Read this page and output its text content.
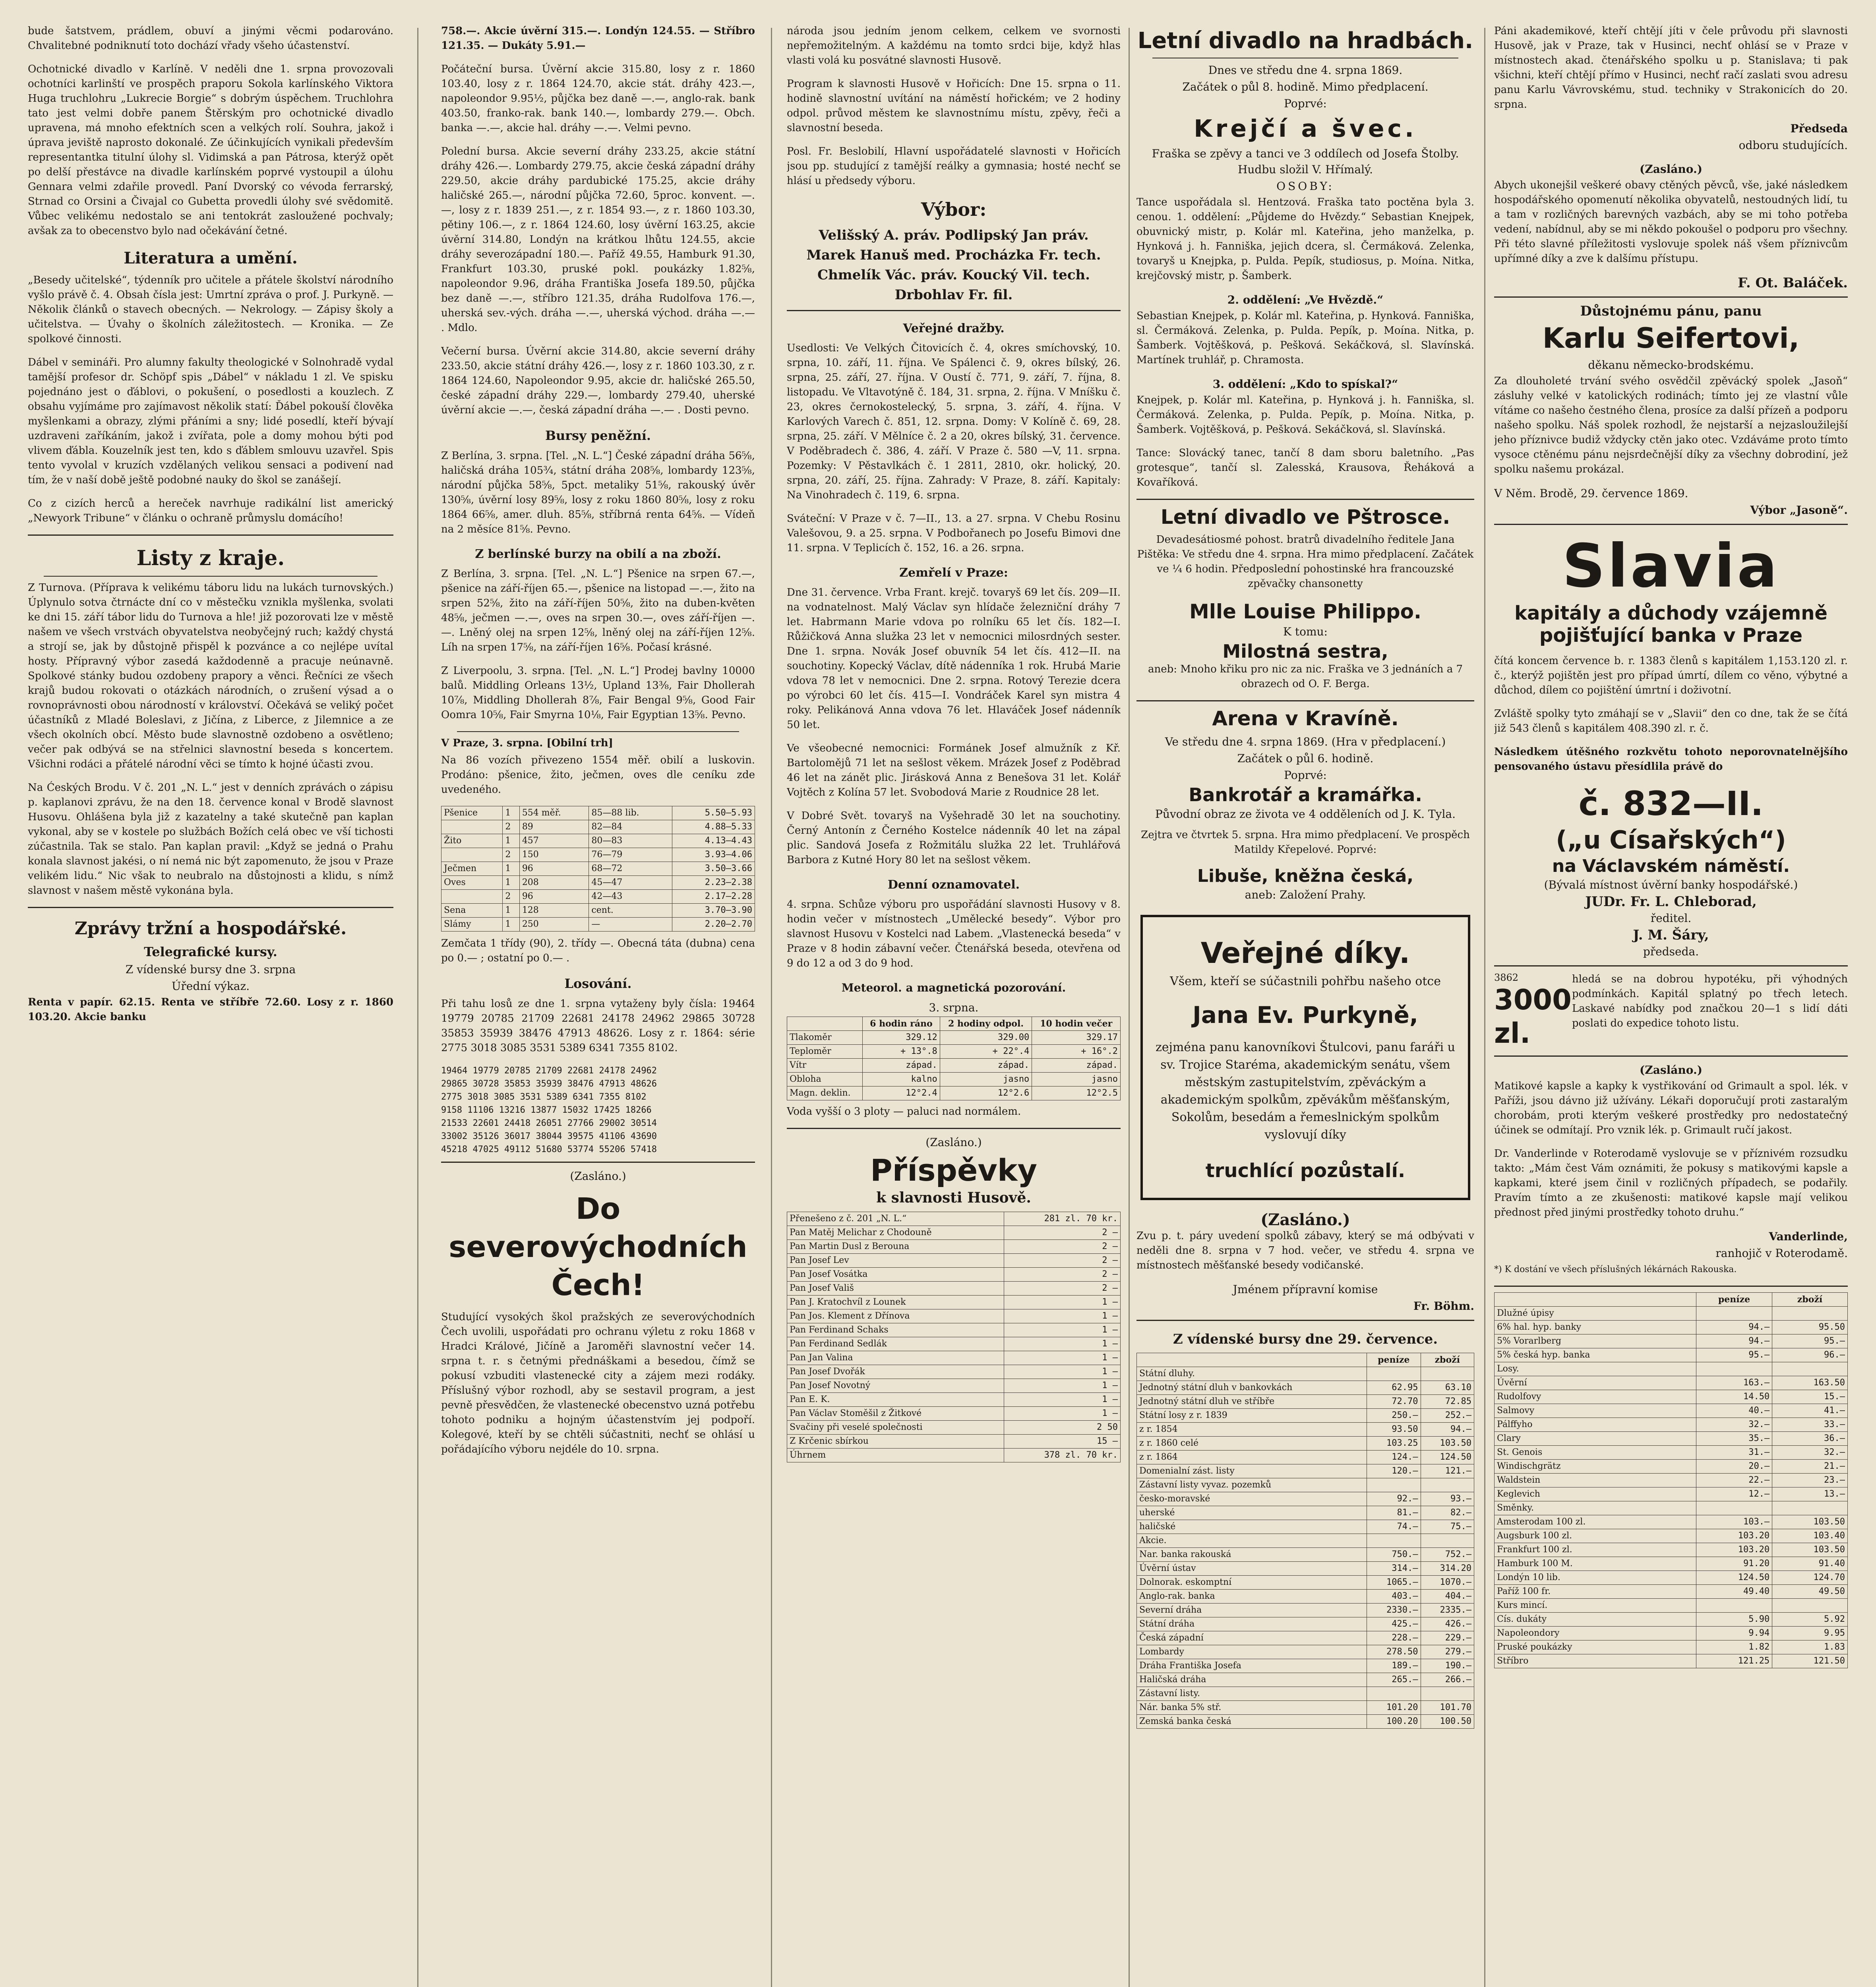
bude šatstvem, prádlem, obuví a jinými věcmi podarováno. Chvalitebné podniknutí toto dochází vřady všeho účastenství.

Ochotnické divadlo v Karlíně. V neděli dne 1. srpna provozovali ochotníci karlinští ve prospěch praporu Sokola karlínského Viktora Huga truchlohru „Lukrecie Borgie“ s dobrým úspěchem. Truchlohra tato jest velmi dobře panem Štěrským pro ochotnické divadlo upravena, má mnoho efektních scen a velkých rolí. Souhra, jakož i úprava jeviště naprosto dokonalé. Ze účinkujících vynikali především representantka titulní úlohy sl. Vidimská a pan Pátrosa, kterýž opět po delší přestávce na divadle karlínském poprvé vystoupil a úlohu Gennara velmi zdařile provedl. Paní Dvorský co vévoda ferrarský, Strnad co Orsini a Čivajal co Gubetta provedli úlohy své svědomitě. Vůbec velikému nedostalo se ani tentokrát zasloužené pochvaly; avšak za to obecenstvo bylo nad očekávání četné.

Literatura a umění.

„Besedy učitelské“, týdenník pro učitele a přátele školství národního vyšlo právě č. 4. Obsah čísla jest: Umrtní zpráva o prof. J. Purkyně. — Několik článků o stavech obecných. — Nekrology. — Zápisy školy a učitelstva. — Úvahy o školních záležitostech. — Kronika. — Ze spolkové činnosti.

Dábel v semináři. Pro alumny fakulty theologické v Solnohradě vydal tamější profesor dr. Schöpf spis „Dábel“ v nákladu 1 zl. Ve spisku pojednáno jest o ďáblovi, o pokušení, o posedlosti a kouzlech. Z obsahu vyjímáme pro zajímavost několik statí: Ďábel pokouší člověka myšlenkami a obrazy, zlými přáními a sny; lidé posedlí, kteří bývají uzdraveni zaříkáním, jakož i zvířata, pole a domy mohou býti pod vlivem ďábla. Kouzelník jest ten, kdo s ďáblem smlouvu uzavřel. Spis tento vyvolal v kruzích vzdělaných velikou sensaci a podivení nad tím, že v naší době ještě podobné nauky do škol se zanášejí.

Co z cizích herců a hereček navrhuje radikální list americký „Newyork Tribune“ v článku o ochraně průmyslu domácího!

Listy z kraje.

Z Turnova. (Příprava k velikému táboru lidu na lukách turnovských.) Úplynulo sotva čtrnácte dní co v městečku vznikla myšlenka, svolati ke dni 15. září tábor lidu do Turnova a hle! již pozorovati lze v městě našem ve všech vrstvách obyvatelstva neobyčejný ruch; každý chystá a strojí se, jak by důstojně přispěl k pozvánce a co nejlépe uvítal hosty. Přípravný výbor zasedá každodenně a pracuje neúnavně. Spolkové stánky budou ozdobeny prapory a věnci. Řečníci ze všech krajů budou rokovati o otázkách národních, o zrušení výsad a o rovnoprávnosti obou národností v království. Očekává se veliký počet účastníků z Mladé Boleslavi, z Jičína, z Liberce, z Jilemnice a ze všech okolních obcí. Město bude slavnostně ozdobeno a osvětleno; večer pak odbývá se na střelnici slavnostní beseda s koncertem. Všichni rodáci a přátelé národní věci se tímto k hojné účasti zvou.

Na Ćeských Brodu. V č. 201 „N. L.“ jest v denních zprávách o zápisu p. kaplanovi zprávu, že na den 18. července konal v Brodě slavnost Husovu. Ohlášena byla již z kazatelny a také skutečně pan kaplan vykonal, aby se v kostele po službách Božích celá obec ve vší tichosti zúčastnila. Tak se stalo. Pan kaplan pravil: „Když se jedná o Prahu konala slavnost jakési, o ní nemá nic být zapomenuto, že jsou v Praze velikém lidu.“ Nic však to neubralo na důstojnosti a klidu, s nímž slavnost v našem městě vykonána byla.

Zprávy tržní a hospodářské.
Telegrafické kursy.
Z vídenské bursy dne 3. srpna
Úřední výkaz.

Renta v papír. 62.15. Renta ve stříbře 72.60. Losy z r. 1860 103.20. Akcie banku

758.—. Akcie úvěrní 315.—. Londýn 124.55. — Stříbro 121.35. — Dukáty 5.91.—

Počáteční bursa. Úvěrní akcie 315.80, losy z r. 1860 103.40, losy z r. 1864 124.70, akcie stát. dráhy 423.—, napoleondor 9.95½, půjčka bez daně —.—, anglo-rak. bank 403.50, franko-rak. bank 140.—, lombardy 279.—. Obch. banka —.—, akcie hal. dráhy —.—. Velmi pevno.

Polední bursa. Akcie severní dráhy 233.25, akcie státní dráhy 426.—. Lombardy 279.75, akcie česká západní dráhy 229.50, akcie dráhy pardubické 175.25, akcie dráhy haličské 265.—, národní půjčka 72.60, 5proc. konvent. —.—, losy z r. 1839 251.—, z r. 1854 93.—, z r. 1860 103.30, pětiny 106.—, z r. 1864 124.60, losy úvěrní 163.25, akcie úvěrní 314.80, Londýn na krátkou lhůtu 124.55, akcie dráhy severozápadní 180.—. Paříž 49.55, Hamburk 91.30, Frankfurt 103.30, pruské pokl. poukázky 1.82⅝, napoleondor 9.96, dráha Františka Josefa 189.50, půjčka bez daně —.—, stříbro 121.35, dráha Rudolfova 176.—, uherská sev.-vých. dráha —.—, uherská východ. dráha —.— . Mdlo.

Večerní bursa. Úvěrní akcie 314.80, akcie severní dráhy 233.50, akcie státní dráhy 426.—, losy z r. 1860 103.30, z r. 1864 124.60, Napoleondor 9.95, akcie dr. haličské 265.50, české západní dráhy 229.—, lombardy 279.40, uherské úvěrní akcie —.—, česká západní dráha —.— . Dosti pevno.

Bursy peněžní.

Z Berlína, 3. srpna. [Tel. „N. L.“] České západní dráha 56⅝, haličská dráha 105¾, státní dráha 208⅝, lombardy 123⅝, národní půjčka 58⅝, 5pct. metaliky 51⅝, rakouský úvěr 130⅝, úvěrní losy 89⅝, losy z roku 1860 80⅝, losy z roku 1864 66⅝, amer. dluh. 85⅝, stříbrná renta 64⅝. — Vídeň na 2 měsíce 81⅝. Pevno.

Z berlínské burzy na obilí a na zboží.

Z Berlína, 3. srpna. [Tel. „N. L.“] Pšenice na srpen 67.—, pšenice na září-říjen 65.—, pšenice na listopad —.—, žito na srpen 52⅝, žito na září-říjen 50⅝, žito na duben-květen 48⅝, ječmen —.—, oves na srpen 30.—, oves září-říjen —.—. Lněný olej na srpen 12⅝, lněný olej na září-říjen 12⅝. Líh na srpen 17⅝, na září-říjen 16⅝. Počasí krásné.

Z Liverpoolu, 3. srpna. [Tel. „N. L.“] Prodej bavlny 10000 balů. Middling Orleans 13½, Upland 13⅜, Fair Dhollerah 10⅞, Middling Dhollerah 8⅞, Fair Bengal 9⅝, Good Fair Oomra 10⅝, Fair Smyrna 10⅛, Fair Egyptian 13⅝. Pevno.

V Praze, 3. srpna. [Obilní trh]

Na 86 vozích přivezeno 1554 měř. obilí a luskovin. Prodáno: pšenice, žito, ječmen, oves dle ceníku zde uvedeného.

Pšenice	1	554 měř.	85—88 lib.	5.50—5.93
	2	89	82—84	4.88—5.33
Žito	1	457	80—83	4.13—4.43
	2	150	76—79	3.93—4.06
Ječmen	1	96	68—72	3.50—3.66
Oves	1	208	45—47	2.23—2.38
	2	96	42—43	2.17—2.28
Sena	1	128	cent.	3.70—3.90
Slámy	1	250	—	2.20—2.70

Zemčata 1 třídy (90), 2. třídy —. Obecná táta (dubna) cena po 0.— ; ostatní po 0.— .

Losování.

Při tahu losů ze dne 1. srpna vytaženy byly čísla: 19464 19779 20785 21709 22681 24178 24962 29865 30728 35853 35939 38476 47913 48626. Losy z r. 1864: série 2775 3018 3085 3531 5389 6341 7355 8102.

19464 19779 20785 21709 22681 24178 24962
29865 30728 35853 35939 38476 47913 48626
2775 3018 3085 3531 5389 6341 7355 8102
9158 11106 13216 13877 15032 17425 18266
21533 22601 24418 26051 27766 29002 30514
33002 35126 36017 38044 39575 41106 43690
45218 47025 49112 51680 53774 55206 57418
(Zasláno.)
Do severovýchodních Čech!

Studující vysokých škol pražských ze severovýchodních Čech uvolili, uspořádati pro ochranu výletu z roku 1868 v Hradci Králové, Jičíně a Jaroměři slavnostní večer 14. srpna t. r. s četnými přednáškami a besedou, čímž se pokusí vzbuditi vlastenecké city a zájem mezi rodáky. Příslušný výbor rozhodl, aby se sestavil program, a jest pevně přesvědčen, že vlastenecké obecenstvo uzná potřebu tohoto podniku a hojným účastenstvím jej podpoří. Kolegové, kteří by se chtěli súčastniti, nechť se ohlásí u pořádajícího výboru nejdéle do 10. srpna.

národa jsou jedním jenom celkem, celkem ve svornosti nepřemožitelným. A každému na tomto srdci bije, když hlas vlasti volá ku posvátné slavnosti Husově.

Program k slavnosti Husově v Hořicích: Dne 15. srpna o 11. hodině slavnostní uvítání na náměstí hořickém; ve 2 hodiny odpol. průvod městem ke slavnostnímu místu, zpěvy, řeči a slavnostní beseda.

Posl. Fr. Beslobilí, Hlavní uspořádatelé slavnosti v Hořicích jsou pp. studující z tamější reálky a gymnasia; hosté nechť se hlásí u předsedy výboru.

Výbor:
Velišský A. práv. Podlipský Jan práv.
Marek Hanuš med. Procházka Fr. tech.
Chmelík Vác. práv. Koucký Vil. tech.
Drbohlav Fr. fil.
Veřejné dražby.

Usedlosti: Ve Velkých Čitovicích č. 4, okres smíchovský, 10. srpna, 10. září, 11. října. Ve Spálenci č. 9, okres bílský, 26. srpna, 25. září, 27. října. V Oustí č. 771, 9. září, 7. října, 8. listopadu. Ve Vltavotýně č. 184, 31. srpna, 2. října. V Mníšku č. 23, okres černokostelecký, 5. srpna, 3. září, 4. října. V Karlových Varech č. 851, 12. srpna. Domy: V Kolíně č. 69, 28. srpna, 25. září. V Mělníce č. 2 a 20, okres bílský, 31. července. V Poděbradech č. 386, 4. září. V Praze č. 580 —V, 11. srpna. Pozemky: V Pěstavlkách č. 1 2811, 2810, okr. holický, 20. srpna, 20. září, 25. října. Zahrady: V Praze, 8. září. Kapitaly: Na Vinohradech č. 119, 6. srpna.

Sváteční: V Praze v č. 7—II., 13. a 27. srpna. V Chebu Rosinu Valešovou, 9. a 25. srpna. V Podbořanech po Josefu Bimovi dne 11. srpna. V Teplicích č. 152, 16. a 26. srpna.

Zemřelí v Praze:

Dne 31. července. Vrba Frant. krejč. tovaryš 69 let čís. 209—II. na vodnatelnost. Malý Václav syn hlídače železniční dráhy 7 let. Habrmann Marie vdova po rolníku 65 let čís. 182—I. Růžičková Anna služka 23 let v nemocnici milosrdných sester. Dne 1. srpna. Novák Josef obuvník 54 let čís. 412—II. na souchotiny. Kopecký Václav, dítě nádenníka 1 rok. Hrubá Marie vdova 78 let v nemocnici. Dne 2. srpna. Rotový Terezie dcera po výrobci 60 let čís. 415—I. Vondráček Karel syn mistra 4 roky. Pelikánová Anna vdova 76 let. Hlaváček Josef nádenník 50 let.

Ve všeobecné nemocnici: Formánek Josef almužník z Kř. Bartolomějů 71 let na sešlost věkem. Mrázek Josef z Poděbrad 46 let na zánět plic. Jirásková Anna z Benešova 31 let. Kolář Vojtěch z Kolína 57 let. Svobodová Marie z Roudnice 28 let.

V Dobré Svět. tovaryš na Vyšehradě 30 let na souchotiny. Černý Antonín z Černého Kostelce nádenník 40 let na zápal plic. Sandová Josefa z Rožmitálu služka 22 let. Truhlářová Barbora z Kutné Hory 80 let na sešlost věkem.

Denní oznamovatel.

4. srpna. Schůze výboru pro uspořádání slavnosti Husovy v 8. hodin večer v místnostech „Umělecké besedy“. Výbor pro slavnost Husovu v Kostelci nad Labem. „Vlastenecká beseda“ v Praze v 8 hodin zábavní večer. Čtenářská beseda, otevřena od 9 do 12 a od 3 do 9 hod.

Meteorol. a magnetická pozorování.
3. srpna.
	6 hodin ráno	2 hodiny odpol.	10 hodin večer
Tlakoměr	329.12	329.00	329.17
Teploměr	+ 13°.8	+ 22°.4	+ 16°.2
Vítr	západ.	západ.	západ.
Obloha	kalno	jasno	jasno
Magn. deklin.	12°2.4	12°2.6	12°2.5

Voda vyšší o 3 ploty — paluci nad normálem.

(Zasláno.)
Příspěvky
k slavnosti Husově.
Přenešeno z č. 201 „N. L.“	281 zl. 70 kr.
Pan Matěj Melichar z Chodouně	2 —
Pan Martin Dusl z Berouna	2 —
Pan Josef Lev	2 —
Pan Josef Vosátka	2 —
Pan Josef Vališ	2 —
Pan J. Kratochvíl z Lounek	1 —
Pan Jos. Klement z Dřínova	1 —
Pan Ferdinand Schaks	1 —
Pan Ferdinand Sedlák	1 —
Pan Jan Valina	1 —
Pan Josef Dvořák	1 —
Pan Josef Novotný	1 —
Pan E. K.	1 —
Pan Václav Stoměšil z Žitkové	1 —
Svačiny při veselé společnosti	2 50
Z Krčenic sbírkou	15 —
Úhrnem	378 zl. 70 kr.
Letní divadlo na hradbách.
Dnes ve středu dne 4. srpna 1869.
Začátek o půl 8. hodině. Mimo předplacení.
Poprvé:
Krejčí a švec.
Fraška se zpěvy a tanci ve 3 oddílech od Josefa Štolby. Hudbu složil V. Hřímalý.
OSOBY:

Tance uspořádala sl. Hentzová. Fraška tato poctěna byla 3. cenou. 1. oddělení: „Půjdeme do Hvězdy.“ Sebastian Knejpek, obuvnický mistr, p. Kolár ml. Kateřina, jeho manželka, p. Hynková j. h. Fanniška, jejich dcera, sl. Čermáková. Zelenka, tovaryš u Knejpka, p. Pulda. Pepík, studiosus, p. Moína. Nitka, krejčovský mistr, p. Šamberk.

2. oddělení: „Ve Hvězdě.“

Sebastian Knejpek, p. Kolár ml. Kateřina, p. Hynková. Fanniška, sl. Čermáková. Zelenka, p. Pulda. Pepík, p. Moína. Nitka, p. Šamberk. Vojtěšková, p. Pešková. Sekáčková, sl. Slavínská. Martínek truhlář, p. Chramosta.

3. oddělení: „Kdo to spískal?“

Knejpek, p. Kolár ml. Kateřina, p. Hynková j. h. Fanniška, sl. Čermáková. Zelenka, p. Pulda. Pepík, p. Moína. Nitka, p. Šamberk. Vojtěšková, p. Pešková. Sekáčková, sl. Slavínská.

Tance: Slovácký tanec, tančí 8 dam sboru baletního. „Pas grotesque“, tančí sl. Zalesská, Krausova, Řeháková a Kovaříková.

Letní divadlo ve Pštrosce.

Devadesátiosmé pohost. bratrů divadelního ředitele Jana Pištěka: Ve středu dne 4. srpna. Hra mimo předplacení. Začátek ve ¼ 6 hodin. Předposlední pohostinské hra francouzské zpěvačky chansonetty

Mlle Louise Philippo.
K tomu:
Milostná sestra,

aneb: Mnoho křiku pro nic za nic. Fraška ve 3 jednáních a 7 obrazech od O. F. Berga.

Arena v Kravíně.
Ve středu dne 4. srpna 1869. (Hra v předplacení.)
Začátek o půl 6. hodině.
Poprvé:
Bankrotář a kramářka.
Původní obraz ze života ve 4 odděleních od J. K. Tyla.

Zejtra ve čtvrtek 5. srpna. Hra mimo předplacení. Ve prospěch Matildy Křepelové. Poprvé:

Libuše, kněžna česká,
aneb: Založení Prahy.
Veřejné díky.

Všem, kteří se súčastnili pohřbu našeho otce

Jana Ev. Purkyně,

zejména panu kanovníkovi Štulcovi, panu faráři u sv. Trojice Staréma, akademickým senátu, všem městským zastupitelstvím, zpěváckým a akademickým spolkům, zpěvákům měšťanským, Sokolům, besedám a řemeslnickým spolkům vyslovují díky

truchlící pozůstalí.
(Zasláno.)

Zvu p. t. páry uvedení spolků zábavy, který se má odbývati v neděli dne 8. srpna v 7 hod. večer, ve středu 4. srpna ve místnostech měšťanské besedy vodičanské.

Jménem přípravní komise
Fr. Böhm.
Z vídenské bursy dne 29. července.
	peníze	zboží
Státní dluhy.		
Jednotný státní dluh v bankovkách	62.95	63.10
Jednotný státní dluh ve stříbře	72.70	72.85
Státní losy z r. 1839	250.—	252.—
z r. 1854	93.50	94.—
z r. 1860 celé	103.25	103.50
z r. 1864	124.—	124.50
Domenialní zást. listy	120.—	121.—
Zástavní listy vyvaz. pozemků		
česko-moravské	92.—	93.—
uherské	81.—	82.—
haličské	74.—	75.—
Akcie.		
Nar. banka rakouská	750.—	752.—
Úvěrní ústav	314.—	314.20
Dolnorak. eskomptní	1065.—	1070.—
Anglo-rak. banka	403.—	404.—
Severní dráha	2330.—	2335.—
Státní dráha	425.—	426.—
Česká západní	228.—	229.—
Lombardy	278.50	279.—
Dráha Františka Josefa	189.—	190.—
Haličská dráha	265.—	266.—
Zástavní listy.		
Nár. banka 5% stř.	101.20	101.70
Zemská banka česká	100.20	100.50

Páni akademikové, kteří chtějí jíti v čele průvodu při slavnosti Husově, jak v Praze, tak v Husinci, nechť ohlásí se v Praze v místnostech akad. čtenářského spolku u p. Stanislava; ti pak všichni, kteří chtějí přímo v Husinci, nechť račí zaslati svou adresu panu Karlu Vávrovskému, stud. techniky v Strakonicích do 20. srpna.

Předseda
odboru studujících.
(Zasláno.)

Abych ukonejšil veškeré obavy ctěných pěvců, vše, jaké následkem hospodářského opomenutí několika obyvatelů, nestoudných lidí, tu a tam v rozličných barevných vazbách, aby se mi toho potřeba vedení, nabídnul, aby se mi někdo pokoušel o podporu pro všechny. Při této slavné příležitosti vyslovuje spolek náš všem příznivcům upřímné díky a zve k dalšímu přístupu.

F. Ot. Baláček.
Důstojnému pánu, panu
Karlu Seifertovi,
děkanu německo-brodskému.

Za dlouholeté trvání svého osvědčil zpěvácký spolek „Jasoň“ zásluhy velké v katolických rodinách; tímto jej ze vlastní vůle vítáme co našeho čestného člena, prosíce za další přízeň a podporu našeho spolku. Náš spolek rozhodl, že nejstarší a nejzasloužilejší jeho příznivce budiž vždycky ctěn jako otec. Vzdáváme proto tímto vysoce ctěnému pánu nejsrdečnější díky za všechny dobrodiní, jež spolku našemu prokázal.

V Něm. Brodě, 29. července 1869.
Výbor „Jasoně“.
Slavia
kapitály a důchody vzájemně
pojišťující banka v Praze

čítá koncem července b. r. 1383 členů s kapitálem 1,153.120 zl. r. č., kterýž pojištěn jest pro případ úmrtí, dílem co věno, výbytné a důchod, dílem co pojištění úmrtní i doživotní.

Zvláště spolky tyto zmáhají se v „Slavii“ den co dne, tak že se čítá již 543 členů s kapitálem 408.390 zl. r. č.

Následkem útěšného rozkvětu tohoto neporovnatelnějšího pensovaného ústavu přesídlila právě do

č. 832—II.
(„u Císařských“)
na Václavském náměstí.
(Bývalá místnost úvěrní banky hospodářské.)
JUDr. Fr. L. Chleborad,
ředitel.
J. M. Šáry,
předseda.
3862
3000 zl.

hledá se na dobrou hypotéku, při výhodných podmínkách. Kapitál splatný po třech letech. Laskavé nabídky pod značkou 20—1 s lidí dáti poslati do expedice tohoto listu.

(Zasláno.)

Matikové kapsle a kapky k vystřikování od Grimault a spol. lék. v Paříži, jsou dávno již užívány. Lékaři doporučují proti zastaralým chorobám, proti kterým veškeré prostředky pro nedostatečný účinek se odmítají. Pro vznik lék. p. Grimault ručí jakost.

Dr. Vanderlinde v Roterodamě vyslovuje se v příznivém rozsudku takto: „Mám čest Vám oznámiti, že pokusy s matikovými kapsle a kapkami, které jsem činil v rozličných případech, se podařily. Pravím tímto a ze zkušenosti: matikové kapsle mají velikou přednost před jinými prostředky tohoto druhu.“

Vanderlinde,
ranhojič v Roterodamě.

*) K dostání ve všech příslušných lékárnách Rakouska.

	peníze	zboží
Dlužné úpisy		
6% hal. hyp. banky	94.—	95.50
5% Vorarlberg	94.—	95.—
5% česká hyp. banka	95.—	96.—
Losy.		
Úvěrní	163.—	163.50
Rudolfovy	14.50	15.—
Salmovy	40.—	41.—
Pálffyho	32.—	33.—
Clary	35.—	36.—
St. Genois	31.—	32.—
Windischgrätz	20.—	21.—
Waldstein	22.—	23.—
Keglevich	12.—	13.—
Směnky.		
Amsterodam 100 zl.	103.—	103.50
Augsburk 100 zl.	103.20	103.40
Frankfurt 100 zl.	103.20	103.50
Hamburk 100 M.	91.20	91.40
Londýn 10 lib.	124.50	124.70
Paříž 100 fr.	49.40	49.50
Kurs mincí.		
Cís. dukáty	5.90	5.92
Napoleondory	9.94	9.95
Pruské poukázky	1.82	1.83
Stříbro	121.25	121.50
